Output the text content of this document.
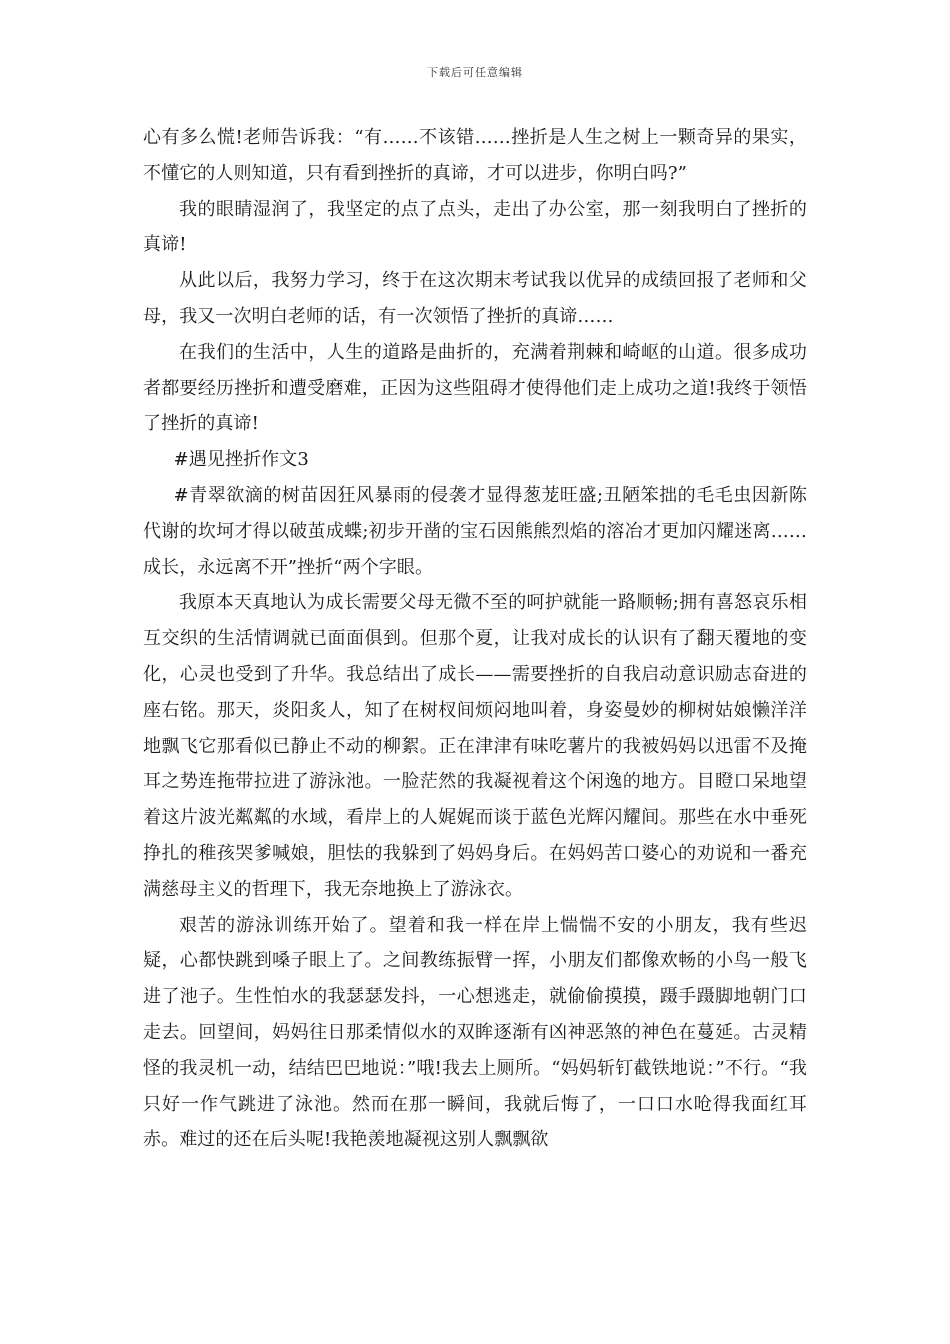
下载后可任意编辑

心有多么慌!老师告诉我：“有……不该错……挫折是人生之树上一颗奇异的果实，不懂它的人则知道，只有看到挫折的真谛，才可以进步，你明白吗?”

我的眼睛湿润了，我坚定的点了点头，走出了办公室，那一刻我明白了挫折的真谛!

从此以后，我努力学习，终于在这次期末考试我以优异的成绩回报了老师和父母，我又一次明白老师的话，有一次领悟了挫折的真谛……

在我们的生活中，人生的道路是曲折的，充满着荆棘和崎岖的山道。很多成功者都要经历挫折和遭受磨难，正因为这些阻碍才使得他们走上成功之道!我终于领悟了挫折的真谛!

#遇见挫折作文3

#青翠欲滴的树苗因狂风暴雨的侵袭才显得葱茏旺盛;丑陋笨拙的毛毛虫因新陈代谢的坎坷才得以破茧成蝶;初步开凿的宝石因熊熊烈焰的溶冶才更加闪耀迷离……成长，永远离不开”挫折“两个字眼。

我原本天真地认为成长需要父母无微不至的呵护就能一路顺畅;拥有喜怒哀乐相互交织的生活情调就已面面俱到。但那个夏，让我对成长的认识有了翻天覆地的变化，心灵也受到了升华。我总结出了成长——需要挫折的自我启动意识励志奋进的座右铭。那天，炎阳炙人，知了在树杈间烦闷地叫着，身姿曼妙的柳树姑娘懒洋洋地飘飞它那看似已静止不动的柳絮。正在津津有味吃薯片的我被妈妈以迅雷不及掩耳之势连拖带拉进了游泳池。一脸茫然的我凝视着这个闲逸的地方。目瞪口呆地望着这片波光粼粼的水域，看岸上的人娓娓而谈于蓝色光辉闪耀间。那些在水中垂死挣扎的稚孩哭爹喊娘，胆怯的我躲到了妈妈身后。在妈妈苦口婆心的劝说和一番充满慈母主义的哲理下，我无奈地换上了游泳衣。

艰苦的游泳训练开始了。望着和我一样在岸上惴惴不安的小朋友，我有些迟疑，心都快跳到嗓子眼上了。之间教练振臂一挥，小朋友们都像欢畅的小鸟一般飞进了池子。生性怕水的我瑟瑟发抖，一心想逃走，就偷偷摸摸，蹑手蹑脚地朝门口走去。回望间，妈妈往日那柔情似水的双眸逐渐有凶神恶煞的神色在蔓延。古灵精怪的我灵机一动，结结巴巴地说：”哦!我去上厕所。“妈妈斩钉截铁地说：”不行。“我只好一作气跳进了泳池。然而在那一瞬间，我就后悔了，一口口水呛得我面红耳赤。难过的还在后头呢!我艳羡地凝视这别人飘飘欲
